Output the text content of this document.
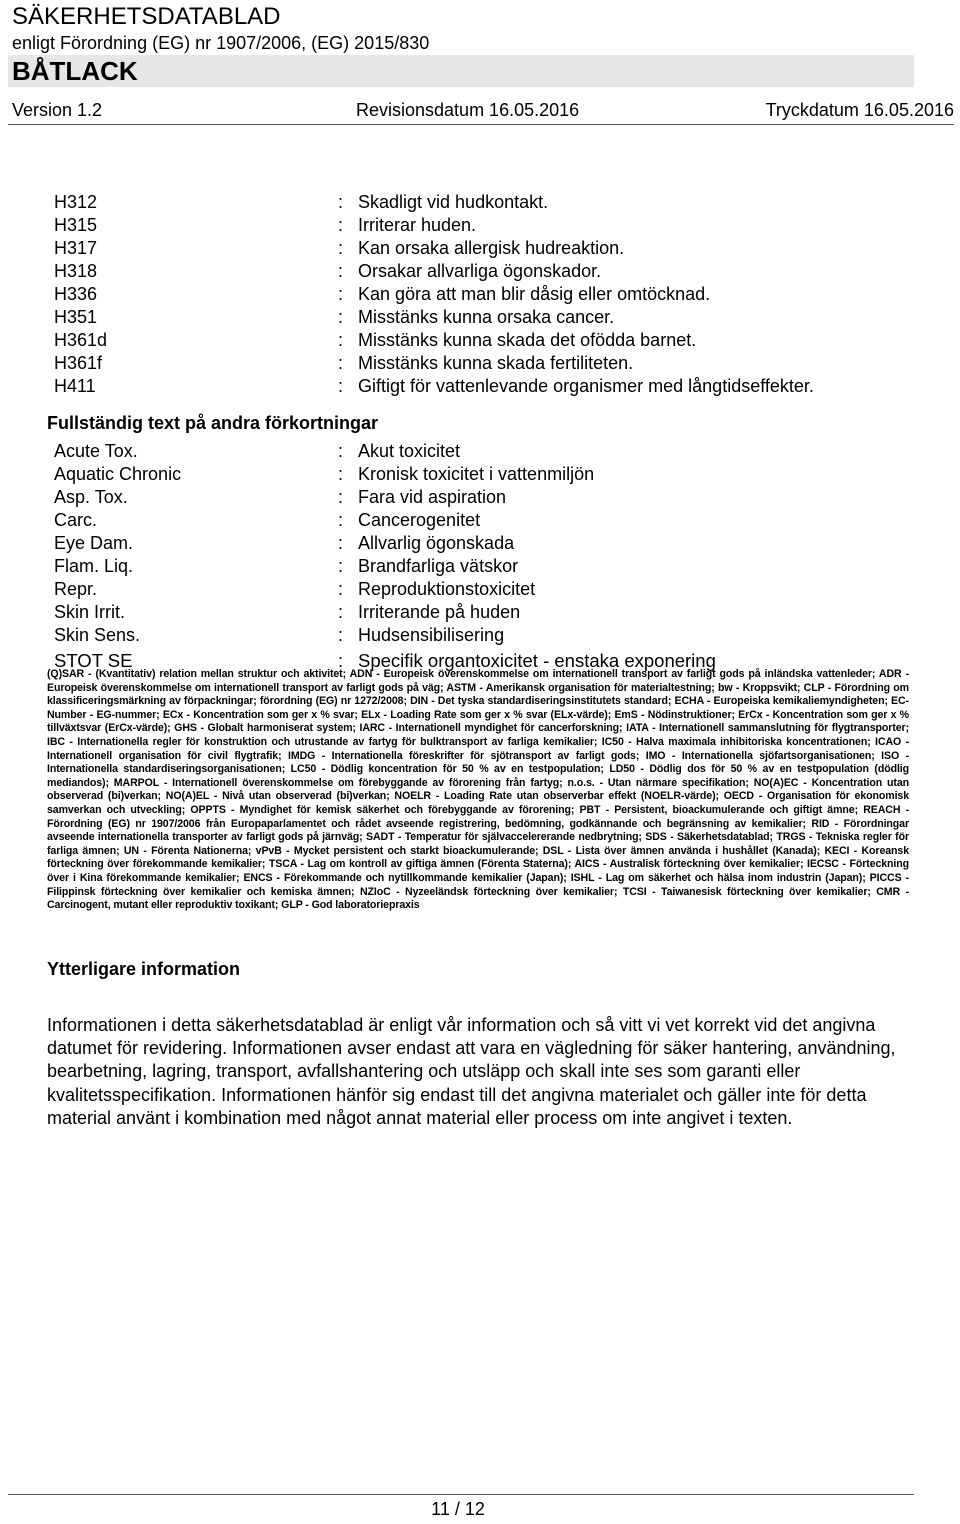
SÄKERHETSDATABLAD
enligt Förordning (EG) nr 1907/2006, (EG) 2015/830
BÅTLACK
Version 1.2	Revisionsdatum 16.05.2016	Tryckdatum 16.05.2016
H312	: Skadligt vid hudkontakt.
H315	: Irriterar huden.
H317	: Kan orsaka allergisk hudreaktion.
H318	: Orsakar allvarliga ögonskador.
H336	: Kan göra att man blir dåsig eller omtöcknad.
H351	: Misstänks kunna orsaka cancer.
H361d	: Misstänks kunna skada det ofödda barnet.
H361f	: Misstänks kunna skada fertiliteten.
H411	: Giftigt för vattenlevande organismer med långtidseffekter.
Fullständig text på andra förkortningar
Acute Tox.	: Akut toxicitet
Aquatic Chronic	: Kronisk toxicitet i vattenmiljön
Asp. Tox.	: Fara vid aspiration
Carc.	: Cancerogenitet
Eye Dam.	: Allvarlig ögonskada
Flam. Liq.	: Brandfarliga vätskor
Repr.	: Reproduktionstoxicitet
Skin Irrit.	: Irriterande på huden
Skin Sens.	: Hudsensibilisering
STOT SE	: Specifik organtoxicitet - enstaka exponering
(Q)SAR - (Kvantitativ) relation mellan struktur och aktivitet; ADN - Europeisk överenskommelse om internationell transport av farligt gods på inländska vattenleder; ADR - Europeisk överenskommelse om internationell transport av farligt gods på väg; ASTM - Amerikansk organisation för materialtestning; bw - Kroppsvikt; CLP - Förordning om klassificeringsmärkning av förpackningar; förordning (EG) nr 1272/2008; DIN - Det tyska standardiseringsinstitutets standard; ECHA - Europeiska kemikaliemyndigheten; EC-Number - EG-nummer; ECx - Koncentration som ger x % svar; ELx - Loading Rate som ger x % svar (ELx-värde); EmS - Nödinstruktioner; ErCx - Koncentration som ger x % tillväxtsvar (ErCx-värde); GHS - Globalt harmoniserat system; IARC - Internationell myndighet för cancerforskning; IATA - Internationell sammanslutning för flygtransporter; IBC - Internationella regler för konstruktion och utrustande av fartyg för bulktransport av farliga kemikalier; IC50 - Halva maximala inhibitoriska koncentrationen; ICAO - Internationell organisation för civil flygtrafik; IMDG - Internationella föreskrifter för sjötransport av farligt gods; IMO - Internationella sjöfartsorganisationen; ISO - Internationella standardiseringsorganisationen; LC50 - Dödlig koncentration för 50 % av en testpopulation; LD50 - Dödlig dos för 50 % av en testpopulation (dödlig mediandos); MARPOL - Internationell överenskommelse om förebyggande av förorening från fartyg; n.o.s. - Utan närmare specifikation; NO(A)EC - Koncentration utan observerad (bi)verkan; NO(A)EL - Nivå utan observerad (bi)verkan; NOELR - Loading Rate utan observerbar effekt (NOELR-värde); OECD - Organisation för ekonomisk samverkan och utveckling; OPPTS - Myndighet för kemisk säkerhet och förebyggande av förorening; PBT - Persistent, bioackumulerande och giftigt ämne; REACH - Förordning (EG) nr 1907/2006 från Europaparlamentet och rådet avseende registrering, bedömning, godkännande och begränsning av kemikalier; RID - Förordningar avseende internationella transporter av farligt gods på järnväg; SADT - Temperatur för självaccelererande nedbrytning; SDS - Säkerhetsdatablad; TRGS - Tekniska regler för farliga ämnen; UN - Förenta Nationerna; vPvB - Mycket persistent och starkt bioackumulerande; DSL - Lista över ämnen använda i hushållet (Kanada); KECI - Koreansk förteckning över förekommande kemikalier; TSCA - Lag om kontroll av giftiga ämnen (Förenta Staterna); AICS - Australisk förteckning över kemikalier; IECSC - Förteckning över i Kina förekommande kemikalier; ENCS - Förekommande och nytillkommande kemikalier (Japan); ISHL - Lag om säkerhet och hälsa inom industrin (Japan); PICCS - Filippinsk förteckning över kemikalier och kemiska ämnen; NZIoC - Nyzeeländsk förteckning över kemikalier; TCSI - Taiwanesisk förteckning över kemikalier; CMR - Carcinogent, mutant eller reproduktiv toxikant; GLP - God laboratoriepraxis
Ytterligare information
Informationen i detta säkerhetsdatablad är enligt vår information och så vitt vi vet korrekt vid det angivna datumet för revidering. Informationen avser endast att vara en vägledning för säker hantering, användning, bearbetning, lagring, transport, avfallshantering och utsläpp och skall inte ses som garanti eller kvalitetsspecifikation. Informationen hänför sig endast till det angivna materialet och gäller inte för detta material använt i kombination med något annat material eller process om inte angivet i texten.
11 / 12
